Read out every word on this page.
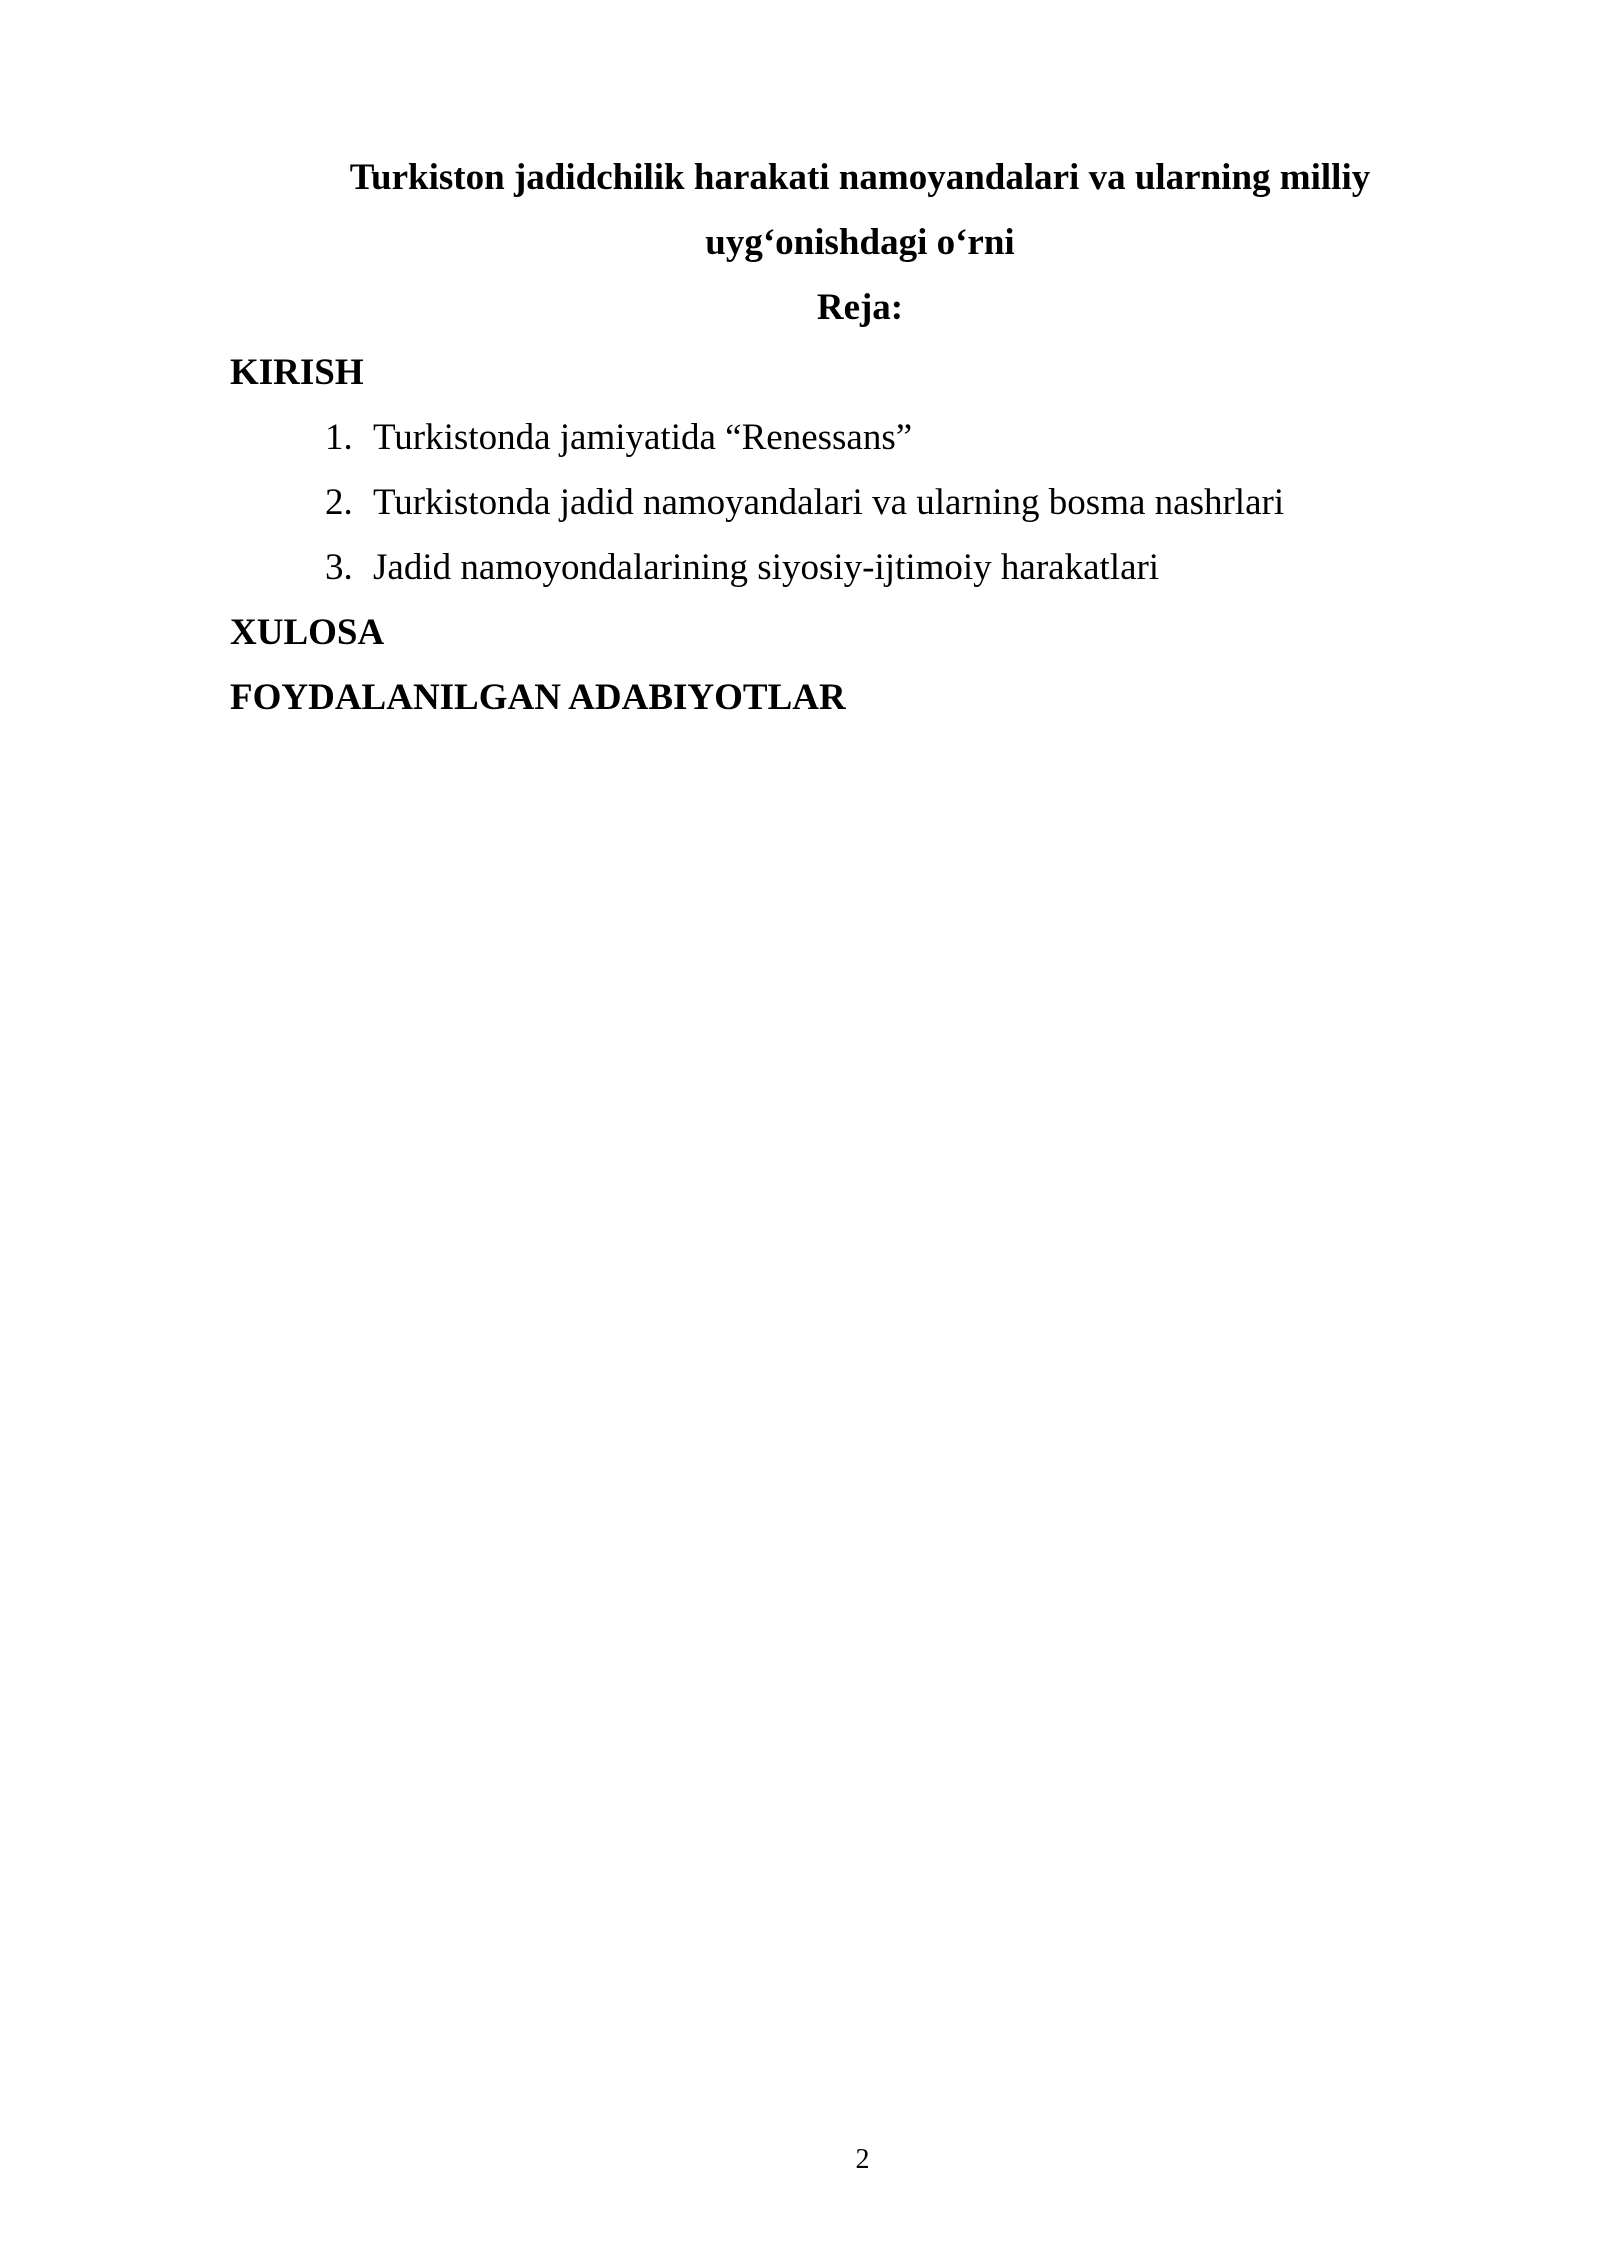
Turkiston jadidchilik harakati namoyandalari va ularning milliy

uyg‘onishdagi o‘rni

Reja:

KIRISH

1. Turkistonda jamiyatida “Renessans”
2. Turkistonda jadid namoyandalari va ularning bosma nashrlari
3. Jadid namoyondalarining siyosiy-ijtimoiy harakatlari

XULOSA

FOYDALANILGAN ADABIYOTLAR

2
